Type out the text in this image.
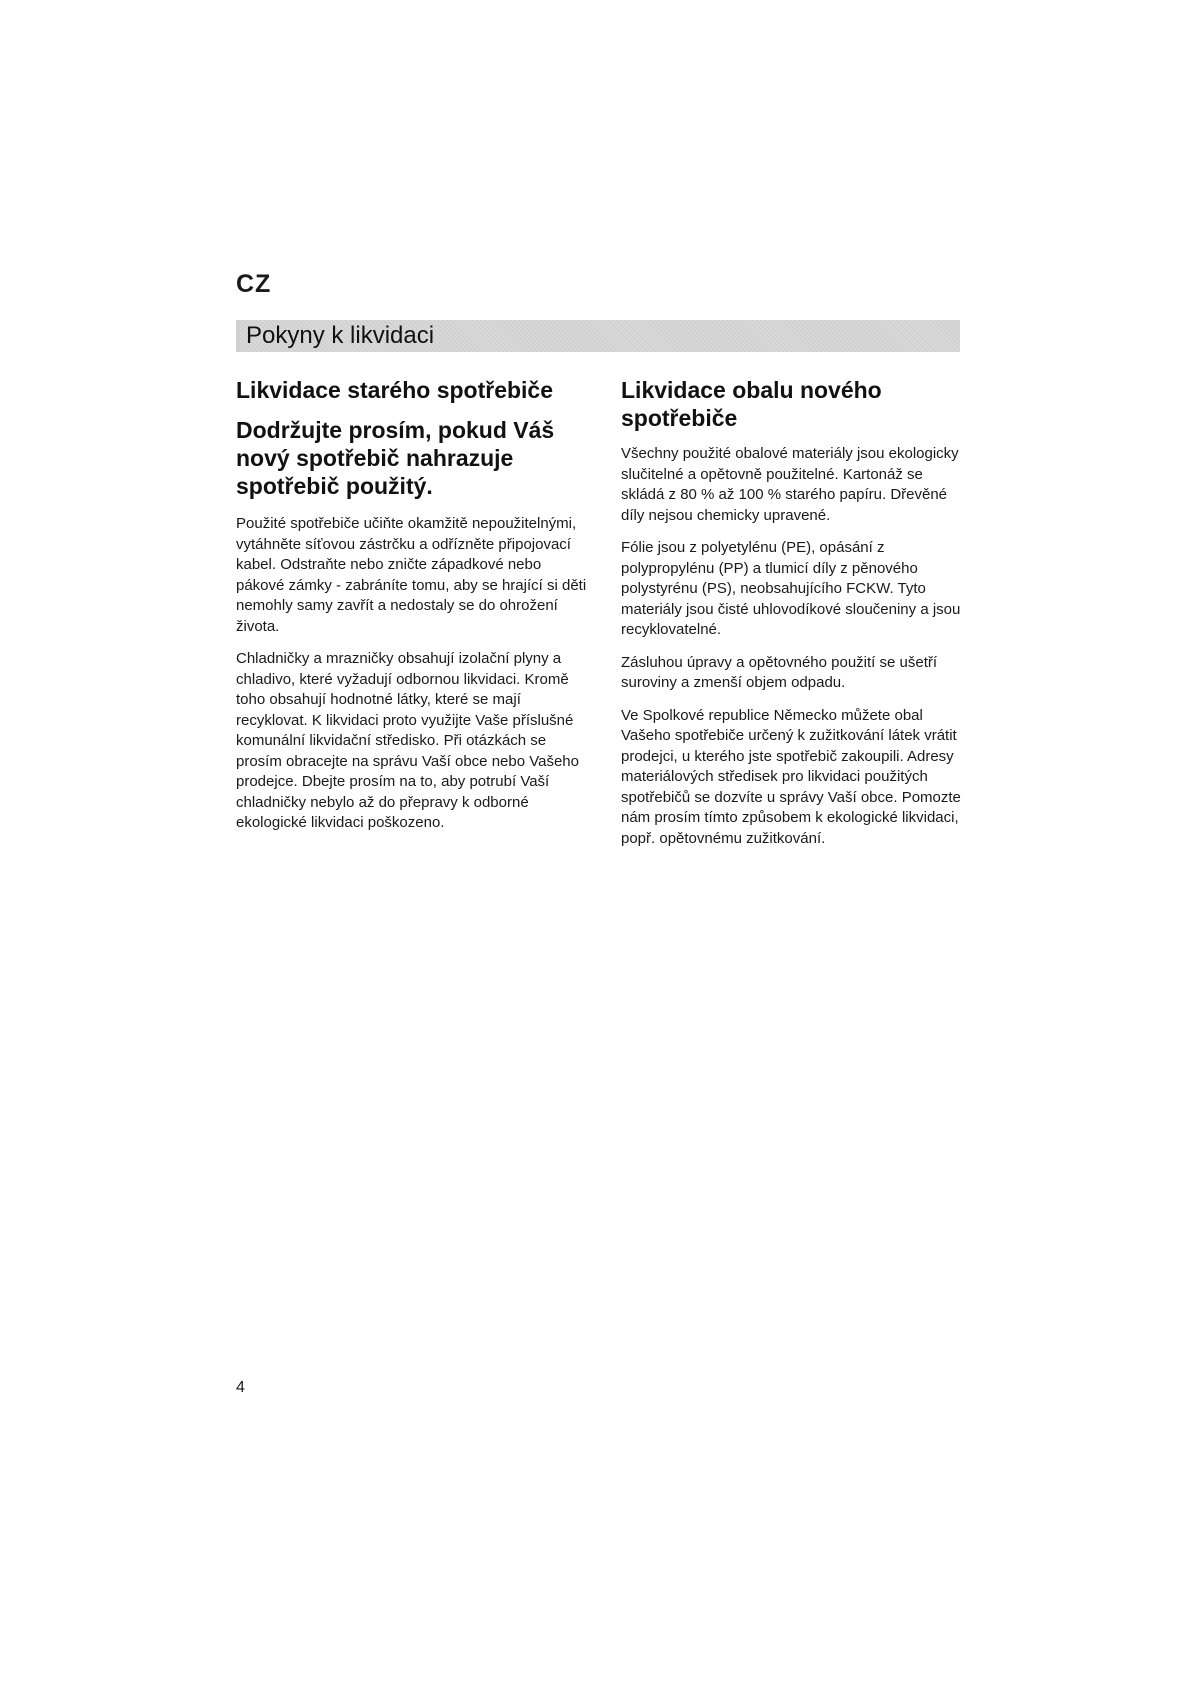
CZ
Pokyny k likvidaci
Likvidace starého spotřebiče
Dodržujte prosím, pokud Váš nový spotřebič nahrazuje spotřebič použitý.

Použité spotřebiče učiňte okamžitě nepoužitelnými, vytáhněte síťovou zástrčku a odřízněte připojovací kabel. Odstraňte nebo zničte západkové nebo pákové zámky - zabráníte tomu, aby se hrající si děti nemohly samy zavřít a nedostaly se do ohrožení života.

Chladničky a mrazničky obsahují izolační plyny a chladivo, které vyžadují odbornou likvidaci. Kromě toho obsahují hodnotné látky, které se mají recyklovat. K likvidaci proto využijte Vaše příslušné komunální likvidační středisko. Při otázkách se prosím obracejte na správu Vaší obce nebo Vašeho prodejce. Dbejte prosím na to, aby potrubí Vaší chladničky nebylo až do přepravy k odborné ekologické likvidaci poškozeno.

Likvidace obalu nového spotřebiče

Všechny použité obalové materiály jsou ekologicky slučitelné a opětovně použitelné. Kartonáž se skládá z 80 % až 100 % starého papíru. Dřevěné díly nejsou chemicky upravené.

Fólie jsou z polyetylénu (PE), opásání z polypropylénu (PP) a tlumicí díly z pěnového polystyrénu (PS), neobsahujícího FCKW. Tyto materiály jsou čisté uhlovodíkové sloučeniny a jsou recyklovatelné.

Zásluhou úpravy a opětovného použití se ušetří suroviny a zmenší objem odpadu.

Ve Spolkové republice Německo můžete obal Vašeho spotřebiče určený k zužitkování látek vrátit prodejci, u kterého jste spotřebič zakoupili. Adresy materiálových středisek pro likvidaci použitých spotřebičů se dozvíte u správy Vaší obce. Pomozte nám prosím tímto způsobem k ekologické likvidaci, popř. opětovnému zužitkování.

4
